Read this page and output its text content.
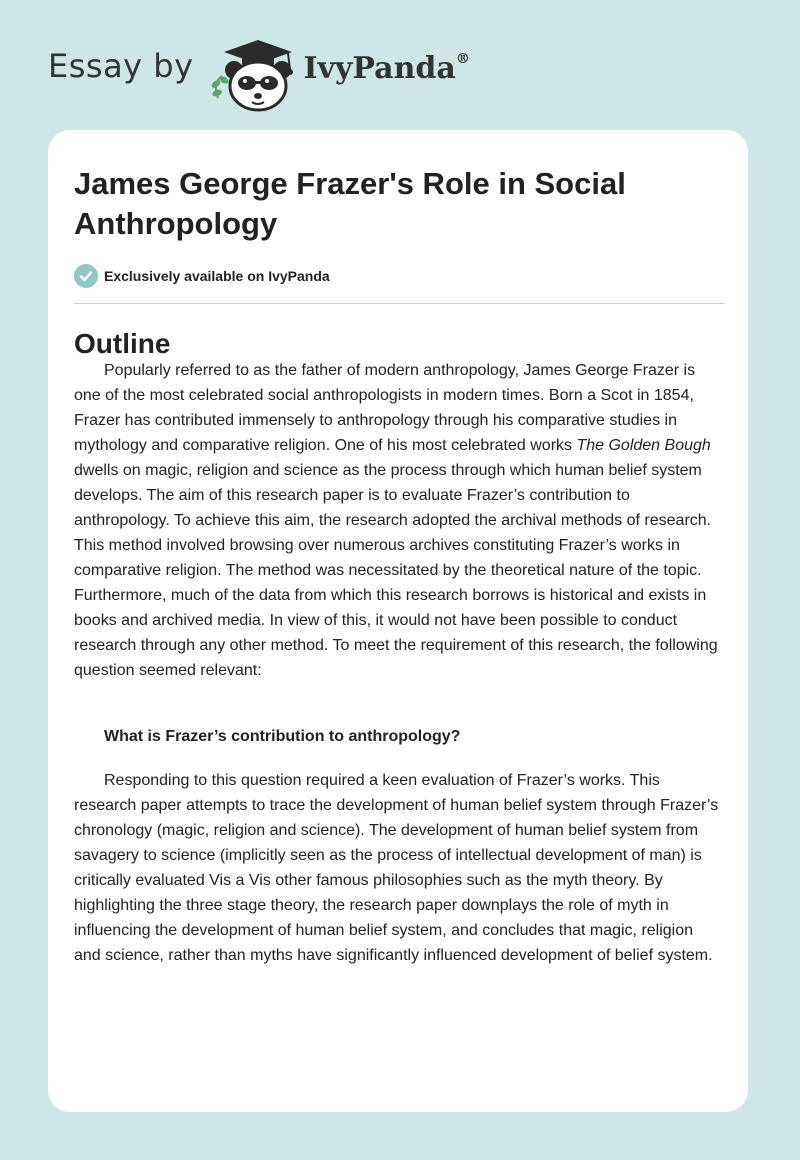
Essay by	IvyPanda®
James George Frazer's Role in Social Anthropology
Exclusively available on IvyPanda
Outline

Popularly referred to as the father of modern anthropology, James George Frazer is one of the most celebrated social anthropologists in modern times. Born a Scot in 1854, Frazer has contributed immensely to anthropology through his comparative studies in mythology and comparative religion. One of his most celebrated works The Golden Bough dwells on magic, religion and science as the process through which human belief system develops. The aim of this research paper is to evaluate Frazer’s contribution to anthropology. To achieve this aim, the research adopted the archival methods of research. This method involved browsing over numerous archives constituting Frazer’s works in comparative religion. The method was necessitated by the theoretical nature of the topic. Furthermore, much of the data from which this research borrows is historical and exists in books and archived media. In view of this, it would not have been possible to conduct research through any other method. To meet the requirement of this research, the following question seemed relevant:

What is Frazer’s contribution to anthropology?

Responding to this question required a keen evaluation of Frazer’s works. This research paper attempts to trace the development of human belief system through Frazer’s chronology (magic, religion and science). The development of human belief system from savagery to science (implicitly seen as the process of intellectual development of man) is critically evaluated Vis a Vis other famous philosophies such as the myth theory. By highlighting the three stage theory, the research paper downplays the role of myth in influencing the development of human belief system, and concludes that magic, religion and science, rather than myths have significantly influenced development of belief system.
